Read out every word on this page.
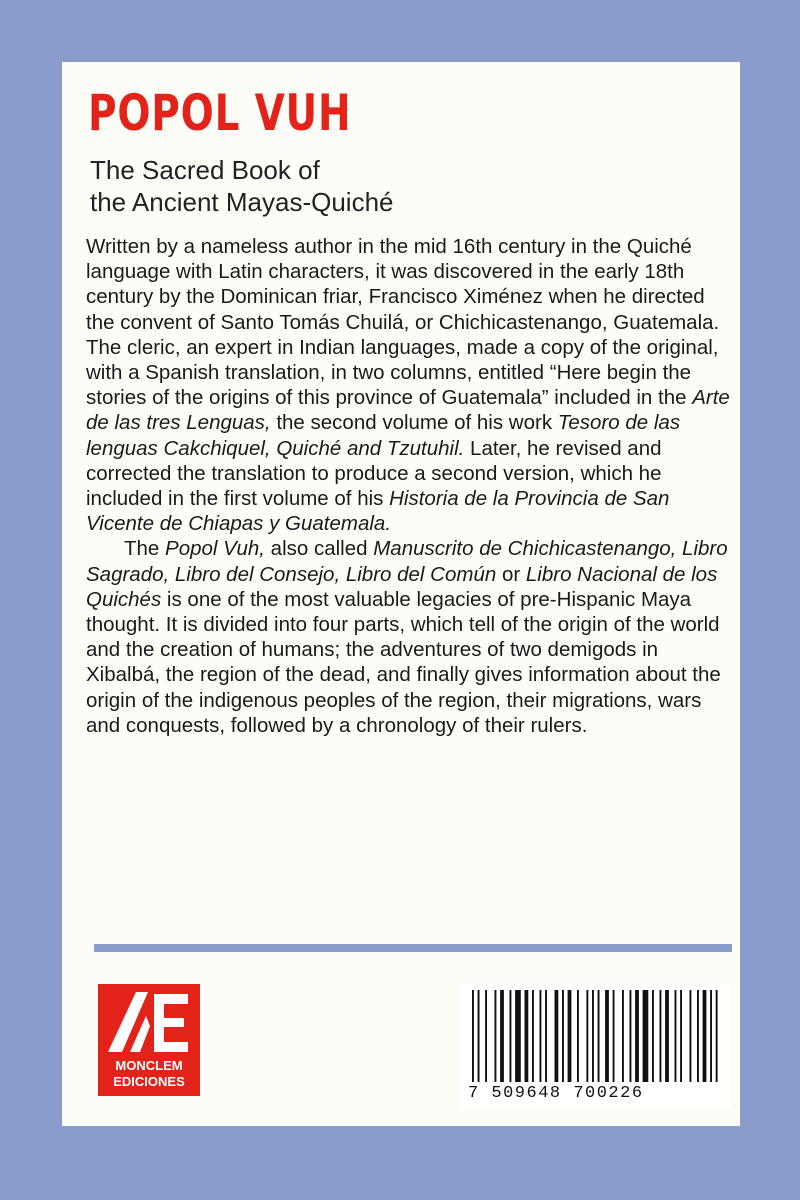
POPOL VUH
The Sacred Book of
the Ancient Mayas-Quiché

Written by a nameless author in the mid 16th century in the Quiché language with Latin characters, it was discovered in the early 18th century by the Dominican friar, Francisco Ximénez when he directed the convent of Santo Tomás Chuilá, or Chichicastenango, Guatemala. The cleric, an expert in Indian languages, made a copy of the original, with a Spanish translation, in two columns, entitled “Here begin the stories of the origins of this province of Guatemala” included in the Arte de las tres Lenguas, the second volume of his work Tesoro de las lenguas Cakchiquel, Quiché and Tzutuhil. Later, he revised and corrected the translation to produce a second version, which he included in the first volume of his Historia de la Provincia de San Vicente de Chiapas y Guatemala.

The Popol Vuh, also called Manuscrito de Chichicastenango, Libro Sagrado, Libro del Consejo, Libro del Común or Libro Nacional de los Quichés is one of the most valuable legacies of pre-Hispanic Maya thought. It is divided into four parts, which tell of the origin of the world and the creation of humans; the adventures of two demigods in Xibalbá, the region of the dead, and finally gives information about the origin of the indigenous peoples of the region, their migrations, wars and conquests, followed by a chronology of their rulers.

MONCLEM
EDICIONES
7 509648 700226
